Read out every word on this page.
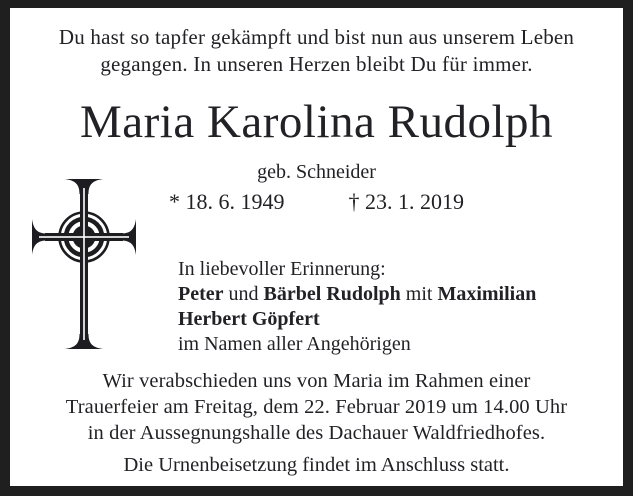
Du hast so tapfer gekämpft und bist nun aus unserem Leben
gegangen. In unseren Herzen bleibt Du für immer.
Maria Karolina Rudolph
geb. Schneider
* 18. 6. 1949	† 23. 1. 2019
In liebevoller Erinnerung:
Peter und Bärbel Rudolph mit Maximilian
Herbert Göpfert
im Namen aller Angehörigen
Wir verabschieden uns von Maria im Rahmen einer
Trauerfeier am Freitag, dem 22. Februar 2019 um 14.00 Uhr
in der Aussegnungshalle des Dachauer Waldfriedhofes.
Die Urnenbeisetzung findet im Anschluss statt.
